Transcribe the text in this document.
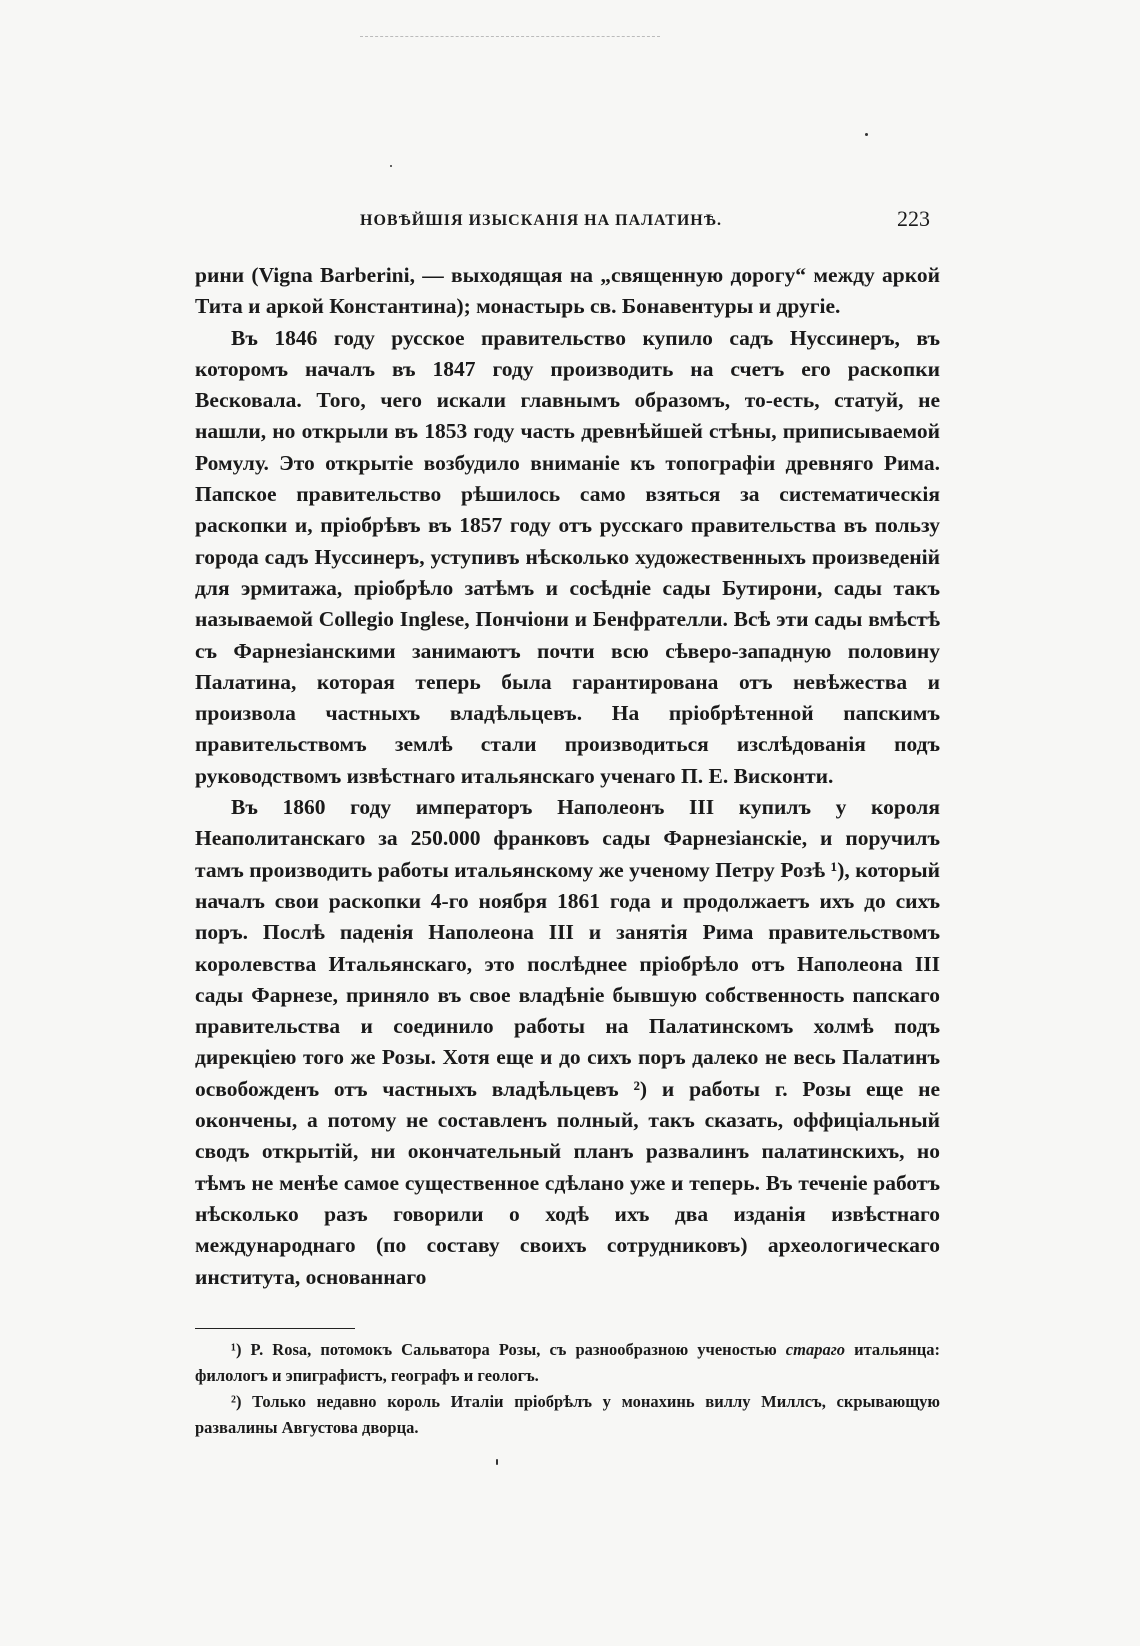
НОВѢЙШІЯ ИЗЫСКАНІЯ НА ПАЛАТИНѢ.	223

рини (Vigna Barberini, — выходящая на „священную дорогу“ между аркой Тита и аркой Константина); монастырь св. Бонавентуры и другіе.

Въ 1846 году русское правительство купило садъ Нуссинеръ, въ которомъ началъ въ 1847 году производить на счетъ его раскопки Весковала. Того, чего искали главнымъ образомъ, то-есть, статуй, не нашли, но открыли въ 1853 году часть древнѣйшей стѣны, приписываемой Ромулу. Это открытіе возбудило вниманіе къ топографіи древняго Рима. Папское правительство рѣшилось само взяться за систематическія раскопки и, пріобрѣвъ въ 1857 году отъ русскаго правительства въ пользу города садъ Нуссинеръ, уступивъ нѣсколько художественныхъ произведеній для эрмитажа, пріобрѣло затѣмъ и сосѣдніе сады Бутирони, сады такъ называемой Collegio Inglese, Пончіони и Бенфрателли. Всѣ эти сады вмѣстѣ съ Фарнезіанскими занимаютъ почти всю сѣверо-западную половину Палатина, которая теперь была гарантирована отъ невѣжества и произвола частныхъ владѣльцевъ. На пріобрѣтенной папскимъ правительствомъ землѣ стали производиться изслѣдованія подъ руководствомъ извѣстнаго итальянскаго ученаго П. Е. Висконти.

Въ 1860 году императоръ Наполеонъ III купилъ у короля Неаполитанскаго за 250.000 франковъ сады Фарнезіанскіе, и поручилъ тамъ производить работы итальянскому же ученому Петру Розѣ ¹), который началъ свои раскопки 4-го ноября 1861 года и продолжаетъ ихъ до сихъ поръ. Послѣ паденія Наполеона III и занятія Рима правительствомъ королевства Итальянскаго, это послѣднее пріобрѣло отъ Наполеона III сады Фарнезе, приняло въ свое владѣніе бывшую собственность папскаго правительства и соединило работы на Палатинскомъ холмѣ подъ дирекціею того же Розы. Хотя еще и до сихъ поръ далеко не весь Палатинъ освобожденъ отъ частныхъ владѣльцевъ ²) и работы г. Розы еще не окончены, а потому не составленъ полный, такъ сказать, оффиціальный сводъ открытій, ни окончательный планъ развалинъ палатинскихъ, но тѣмъ не менѣе самое существенное сдѣлано уже и теперь. Въ теченіе работъ нѣсколько разъ говорили о ходѣ ихъ два изданія извѣстнаго международнаго (по составу своихъ сотрудниковъ) археологическаго института, основаннаго

¹) P. Rosa, потомокъ Сальватора Розы, съ разнообразною ученостью стараго итальянца: филологъ и эпиграфистъ, географъ и геологъ.

²) Только недавно король Италіи пріобрѣлъ у монахинь виллу Миллсъ, скрывающую развалины Августова дворца.
